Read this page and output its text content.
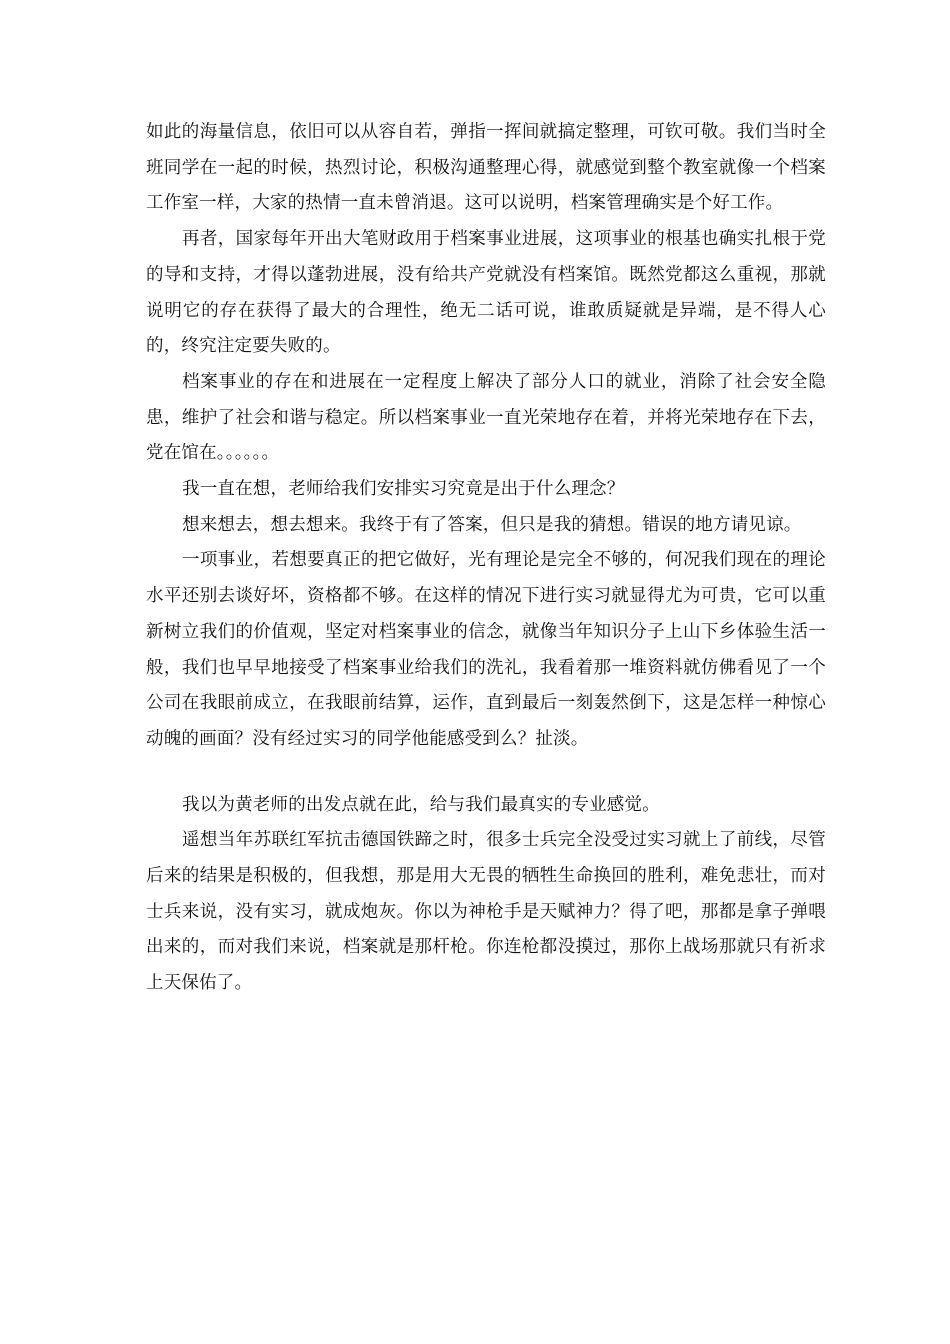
如此的海量信息，依旧可以从容自若，弹指一挥间就搞定整理，可钦可敬。我们当时全班同学在一起的时候，热烈讨论，积极沟通整理心得，就感觉到整个教室就像一个档案工作室一样，大家的热情一直未曾消退。这可以说明，档案管理确实是个好工作。

再者，国家每年开出大笔财政用于档案事业进展，这项事业的根基也确实扎根于党的导和支持，才得以蓬勃进展，没有给共产党就没有档案馆。既然党都这么重视，那就说明它的存在获得了最大的合理性，绝无二话可说，谁敢质疑就是异端，是不得人心的，终究注定要失败的。

档案事业的存在和进展在一定程度上解决了部分人口的就业，消除了社会安全隐患，维护了社会和谐与稳定。所以档案事业一直光荣地存在着，并将光荣地存在下去，党在馆在。。。。。。

我一直在想，老师给我们安排实习究竟是出于什么理念？

想来想去，想去想来。我终于有了答案，但只是我的猜想。错误的地方请见谅。

一项事业，若想要真正的把它做好，光有理论是完全不够的，何况我们现在的理论水平还别去谈好坏，资格都不够。在这样的情况下进行实习就显得尤为可贵，它可以重新树立我们的价值观，坚定对档案事业的信念，就像当年知识分子上山下乡体验生活一般，我们也早早地接受了档案事业给我们的洗礼，我看着那一堆资料就仿佛看见了一个公司在我眼前成立，在我眼前结算，运作，直到最后一刻轰然倒下，这是怎样一种惊心动魄的画面？没有经过实习的同学他能感受到么？扯淡。

我以为黄老师的出发点就在此，给与我们最真实的专业感觉。

遥想当年苏联红军抗击德国铁蹄之时，很多士兵完全没受过实习就上了前线，尽管后来的结果是积极的，但我想，那是用大无畏的牺牲生命换回的胜利，难免悲壮，而对士兵来说，没有实习，就成炮灰。你以为神枪手是天赋神力？得了吧，那都是拿子弹喂出来的，而对我们来说，档案就是那杆枪。你连枪都没摸过，那你上战场那就只有祈求上天保佑了。
